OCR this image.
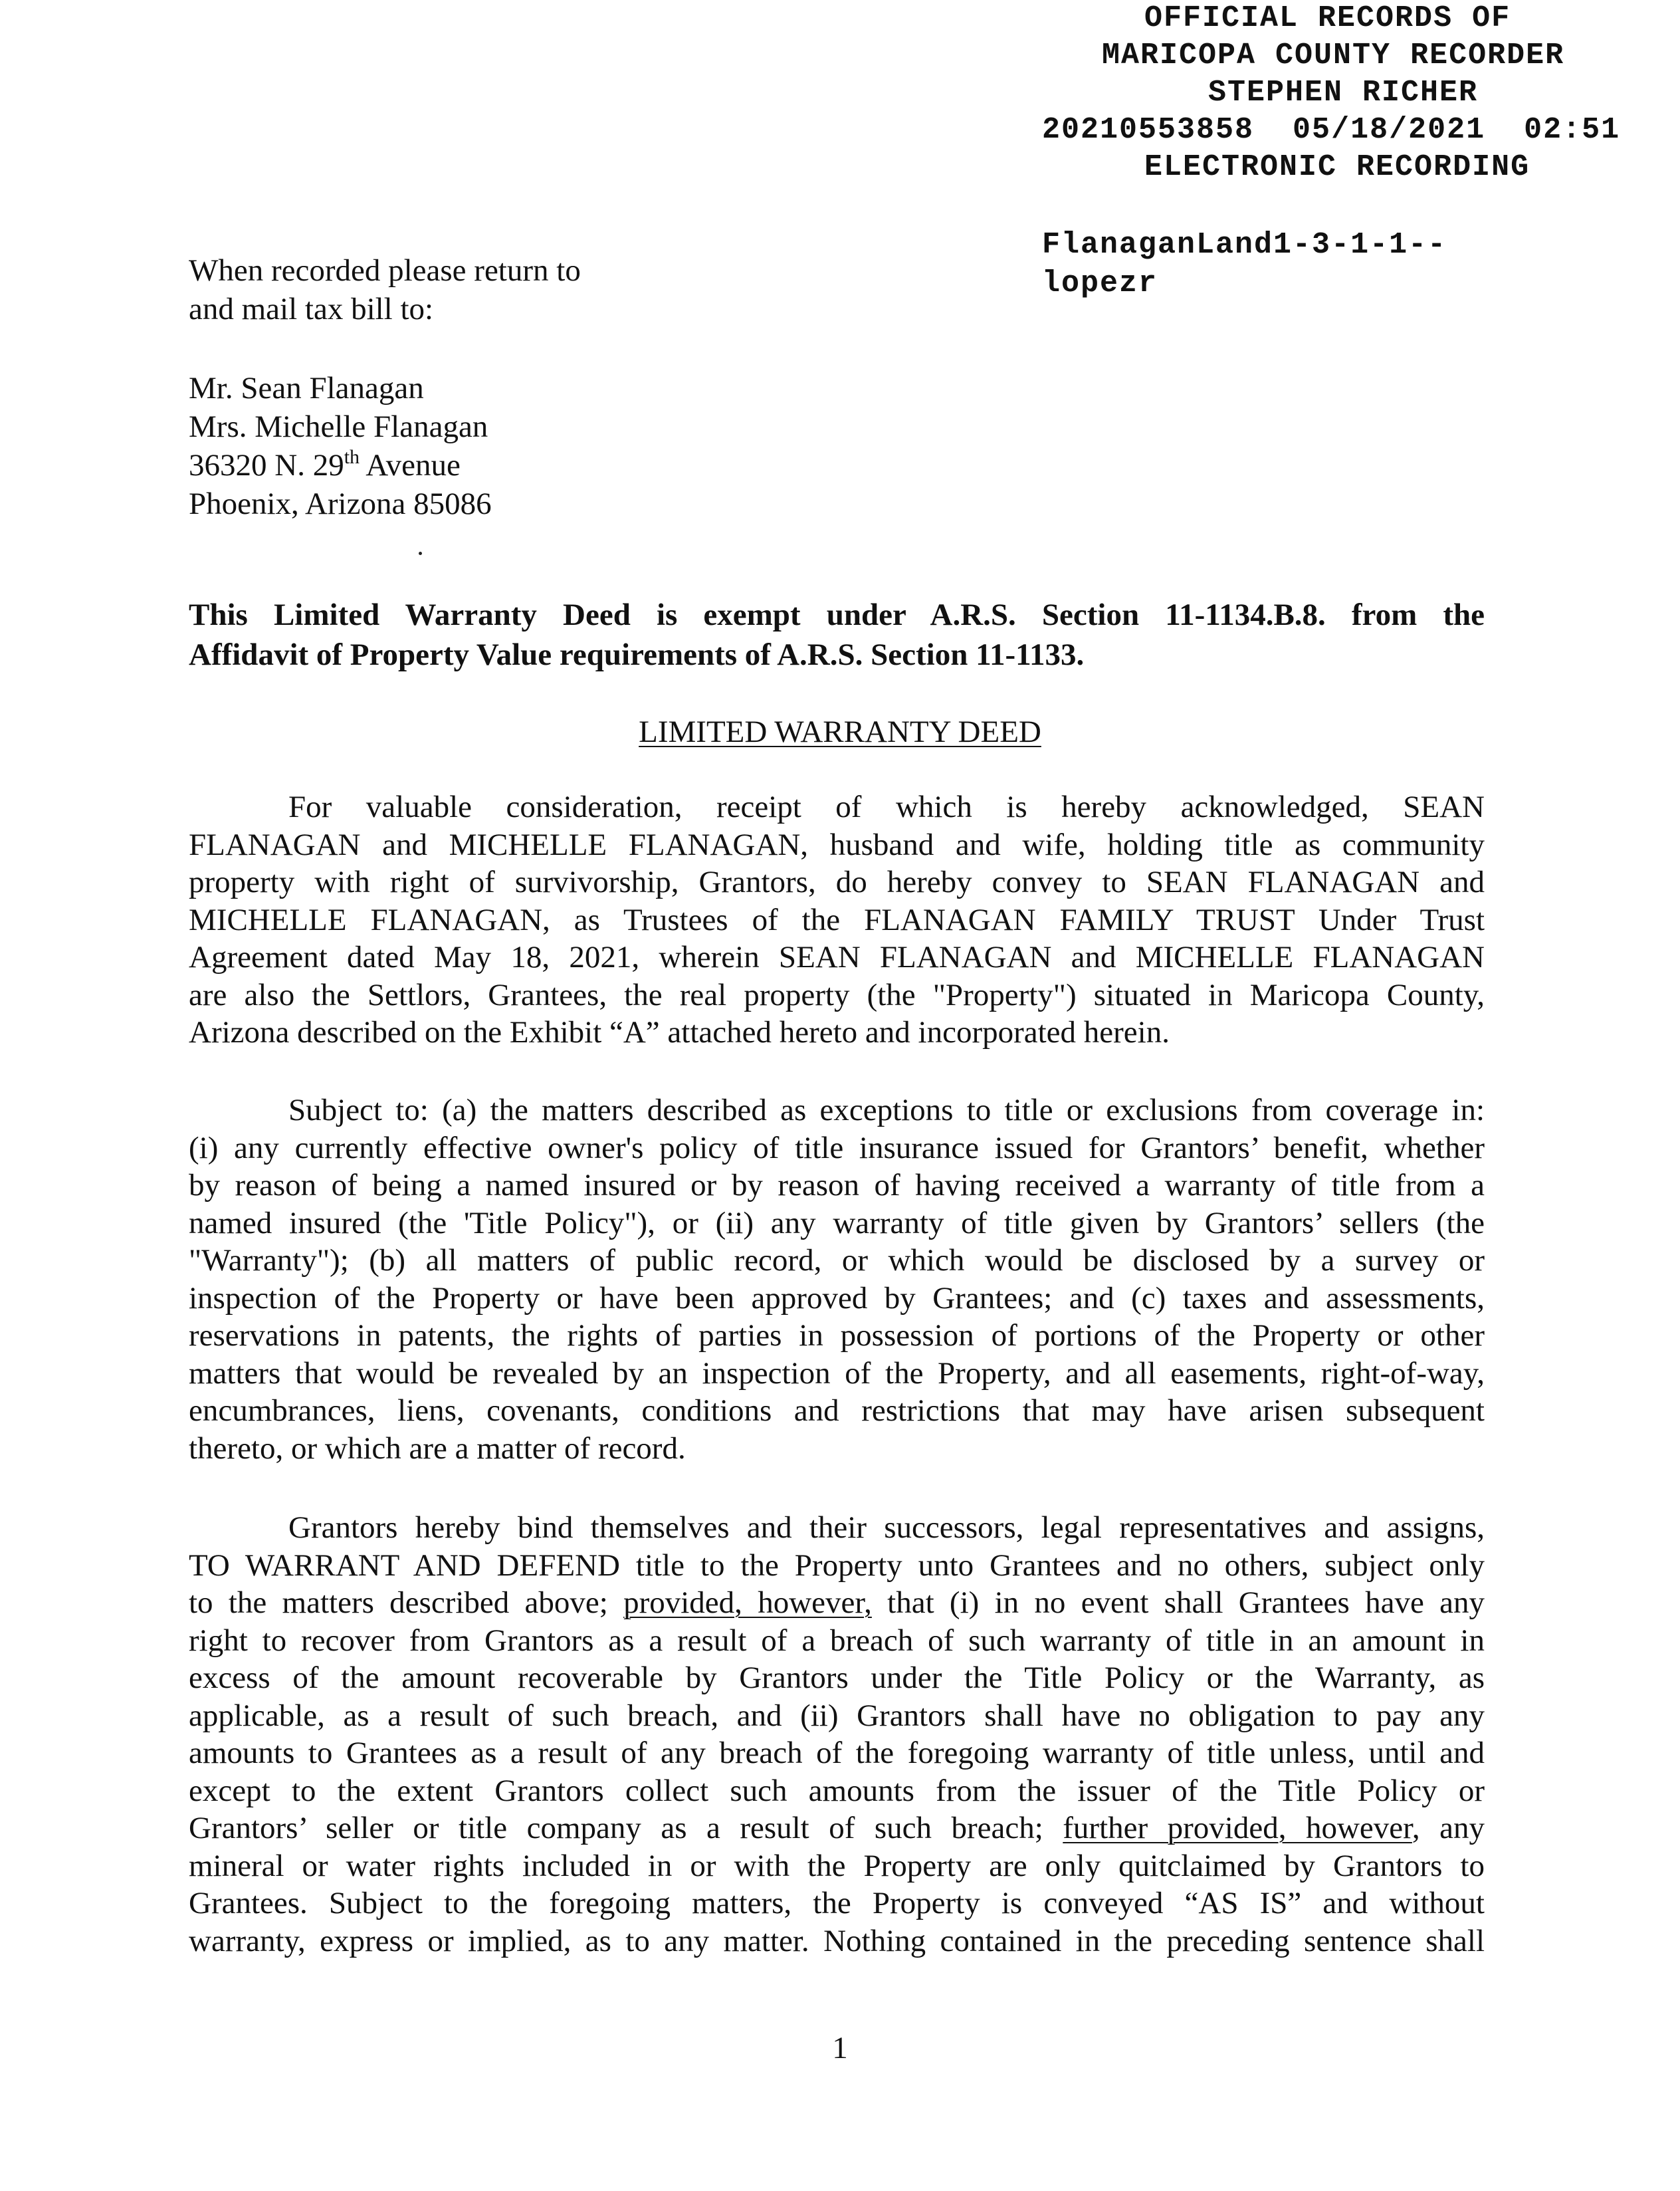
OFFICIAL RECORDS OF
MARICOPA COUNTY RECORDER
STEPHEN RICHER
20210553858  05/18/2021  02:51
ELECTRONIC RECORDING
FlanaganLand1-3-1-1--
lopezr
When recorded please return to
and mail tax bill to:
Mr. Sean Flanagan
Mrs. Michelle Flanagan
36320 N. 29th Avenue
Phoenix, Arizona 85086
This Limited Warranty Deed is exempt under A.R.S. Section 11-1134.B.8. from the
Affidavit of Property Value requirements of A.R.S. Section 11-1133.
LIMITED WARRANTY DEED
For valuable consideration, receipt of which is hereby acknowledged, SEAN
FLANAGAN and MICHELLE FLANAGAN, husband and wife, holding title as community
property with right of survivorship, Grantors, do hereby convey to SEAN FLANAGAN and
MICHELLE FLANAGAN, as Trustees of the FLANAGAN FAMILY TRUST Under Trust
Agreement dated May 18, 2021, wherein SEAN FLANAGAN and MICHELLE FLANAGAN
are also the Settlors, Grantees, the real property (the "Property") situated in Maricopa County,
Arizona described on the Exhibit “A” attached hereto and incorporated herein.
Subject to: (a) the matters described as exceptions to title or exclusions from coverage in:
(i) any currently effective owner's policy of title insurance issued for Grantors’ benefit, whether
by reason of being a named insured or by reason of having received a warranty of title from a
named insured (the 'Title Policy"), or (ii) any warranty of title given by Grantors’ sellers (the
"Warranty"); (b) all matters of public record, or which would be disclosed by a survey or
inspection of the Property or have been approved by Grantees; and (c) taxes and assessments,
reservations in patents, the rights of parties in possession of portions of the Property or other
matters that would be revealed by an inspection of the Property, and all easements, right-of-way,
encumbrances, liens, covenants, conditions and restrictions that may have arisen subsequent
thereto, or which are a matter of record.
Grantors hereby bind themselves and their successors, legal representatives and assigns,
TO WARRANT AND DEFEND title to the Property unto Grantees and no others, subject only
to the matters described above; provided, however, that (i) in no event shall Grantees have any
right to recover from Grantors as a result of a breach of such warranty of title in an amount in
excess of the amount recoverable by Grantors under the Title Policy or the Warranty, as
applicable, as a result of such breach, and (ii) Grantors shall have no obligation to pay any
amounts to Grantees as a result of any breach of the foregoing warranty of title unless, until and
except to the extent Grantors collect such amounts from the issuer of the Title Policy or
Grantors’ seller or title company as a result of such breach; further provided, however, any
mineral or water rights included in or with the Property are only quitclaimed by Grantors to
Grantees. Subject to the foregoing matters, the Property is conveyed “AS IS” and without
warranty, express or implied, as to any matter. Nothing contained in the preceding sentence shall
1
